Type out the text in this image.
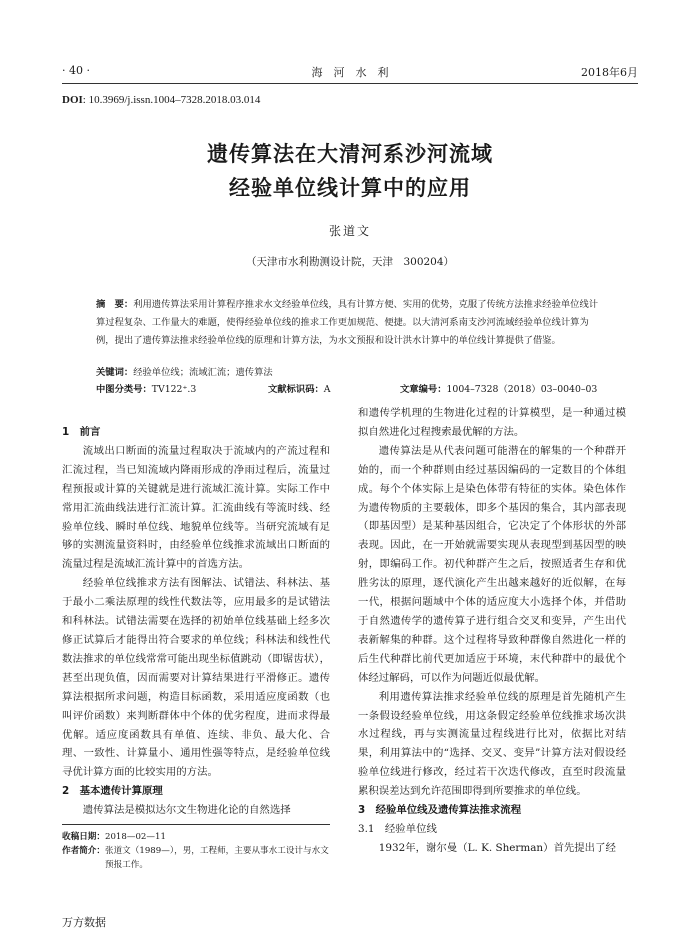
· 40 ·	海　河　水　利	2018年6月
DOI: 10.3969/j.issn.1004–7328.2018.03.014
遗传算法在大清河系沙河流域
经验单位线计算中的应用
张道文
（天津市水利勘测设计院，天津　300204）
摘　要：利用遗传算法采用计算程序推求水文经验单位线，具有计算方便、实用的优势，克服了传统方法推求经验单位线计算过程复杂、工作量大的难题，使得经验单位线的推求工作更加规范、便捷。以大清河系南支沙河流域经验单位线计算为例，提出了遗传算法推求经验单位线的原理和计算方法，为水文预报和设计洪水计算中的单位线计算提供了借鉴。
关键词：经验单位线；流域汇流；遗传算法
中图分类号：TV122⁺.3	文献标识码：A	文章编号：1004–7328（2018）03–0040–03

1　前言

流域出口断面的流量过程取决于流域内的产流过程和汇流过程，当已知流域内降雨形成的净雨过程后，流量过程预报或计算的关键就是进行流域汇流计算。实际工作中常用汇流曲线法进行汇流计算。汇流曲线有等流时线、经验单位线、瞬时单位线、地貌单位线等。当研究流域有足够的实测流量资料时，由经验单位线推求流域出口断面的流量过程是流域汇流计算中的首选方法。

经验单位线推求方法有图解法、试错法、科林法、基于最小二乘法原理的线性代数法等，应用最多的是试错法和科林法。试错法需要在选择的初始单位线基础上经多次修正试算后才能得出符合要求的单位线；科林法和线性代数法推求的单位线常常可能出现坐标值跳动（即锯齿状），甚至出现负值，因而需要对计算结果进行平滑修正。遗传算法根据所求问题，构造目标函数，采用适应度函数（也叫评价函数）来判断群体中个体的优劣程度，进而求得最优解。适应度函数具有单值、连续、非负、最大化、合理、一致性、计算量小、通用性强等特点，是经验单位线寻优计算方面的比较实用的方法。

2　基本遗传计算原理

遗传算法是模拟达尔文生物进化论的自然选择

和遗传学机理的生物进化过程的计算模型，是一种通过模拟自然进化过程搜索最优解的方法。

遗传算法是从代表问题可能潜在的解集的一个种群开始的，而一个种群则由经过基因编码的一定数目的个体组成。每个个体实际上是染色体带有特征的实体。染色体作为遗传物质的主要载体，即多个基因的集合，其内部表现（即基因型）是某种基因组合，它决定了个体形状的外部表现。因此，在一开始就需要实现从表现型到基因型的映射，即编码工作。初代种群产生之后，按照适者生存和优胜劣汰的原理，逐代演化产生出越来越好的近似解，在每一代，根据问题域中个体的适应度大小选择个体，并借助于自然遗传学的遗传算子进行组合交叉和变异，产生出代表新解集的种群。这个过程将导致种群像自然进化一样的后生代种群比前代更加适应于环境，末代种群中的最优个体经过解码，可以作为问题近似最优解。

利用遗传算法推求经验单位线的原理是首先随机产生一条假设经验单位线，用这条假定经验单位线推求场次洪水过程线，再与实测流量过程线进行比对，依据比对结果，利用算法中的“选择、交叉、变异”计算方法对假设经验单位线进行修改，经过若干次迭代修改，直至时段流量累积误差达到允许范围即得到所要推求的单位线。

3　经验单位线及遗传算法推求流程

3.1　经验单位线

1932年，谢尔曼（L. K. Sherman）首先提出了经

收稿日期：2018—02—11
作者简介： 张道文（1989—），男，工程师，主要从事水工设计与水文预报工作。
万方数据
